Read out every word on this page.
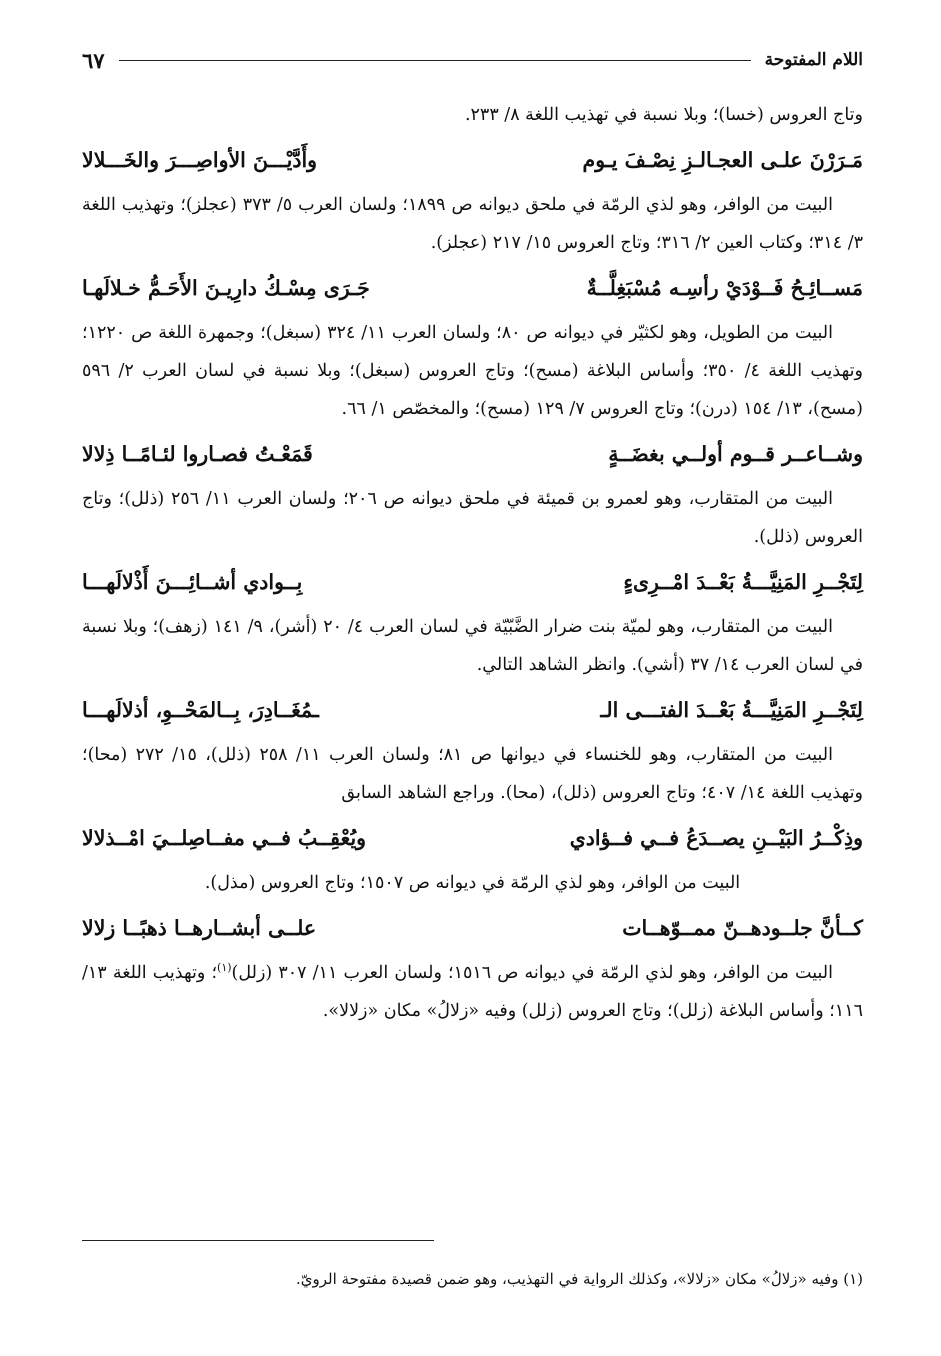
اللام المفتوحة
٦٧

وتاج العروس (خسا)؛ وبلا نسبة في تهذيب اللغة ٨/ ٢٣٣.

مَـرَرْنَ علـى العجـالـزِ نِصْـفَ يـوم
وأَدَّيْـــنَ الأواصِـــرَ والخَـــلالا

البيت من الوافر، وهو لذي الرمّة في ملحق ديوانه ص ١٨٩٩؛ ولسان العرب ٥/ ٣٧٣ (عجلز)؛ وتهذيب اللغة ٣/ ٣١٤؛ وكتاب العين ٢/ ٣١٦؛ وتاج العروس ١٥/ ٢١٧ (عجلز).

مَســائِـحُ فَــوْدَيْ رأسِـه مُسْبَغِلَّــةٌ
جَـرَى مِسْـكُ دارِيـنَ الأَحَـمُّ خـلالَهـا

البيت من الطويل، وهو لكثيّر في ديوانه ص ٨٠؛ ولسان العرب ١١/ ٣٢٤ (سبغل)؛ وجمهرة اللغة ص ١٢٢٠؛ وتهذيب اللغة ٤/ ٣٥٠؛ وأساس البلاغة (مسح)؛ وتاج العروس (سبغل)؛ وبلا نسبة في لسان العرب ٢/ ٥٩٦ (مسح)، ١٣/ ١٥٤ (درن)؛ وتاج العروس ٧/ ١٢٩ (مسح)؛ والمخصّص ١/ ٦٦.

وشــاعــر قــوم أولــي بغضَــةٍ
قَمَعْـتُ فصـاروا لئـامًــا ذِلالا

البيت من المتقارب، وهو لعمرو بن قميئة في ملحق ديوانه ص ٢٠٦؛ ولسان العرب ١١/ ٢٥٦ (ذلل)؛ وتاج العروس (ذلل).

لِتَجْــرِ المَنِيَّـــةُ بَعْــدَ امْــرِىءٍ
بِــوادي أشــائِـــنَ أَذْلالَهـــا

البيت من المتقارب، وهو لميّة بنت ضرار الضَّبّيّة في لسان العرب ٤/ ٢٠ (أشر)، ٩/ ١٤١ (زهف)؛ وبلا نسبة في لسان العرب ١٤/ ٣٧ (أشي). وانظر الشاهد التالي.

لِتَجْــرِ المَنِيَّـــةُ بَعْــدَ الفتـــى الـ
ـمُغَــادِرَ، بِــالمَحْــوِ، أذلالَهـــا

البيت من المتقارب، وهو للخنساء في ديوانها ص ٨١؛ ولسان العرب ١١/ ٢٥٨ (ذلل)، ١٥/ ٢٧٢ (محا)؛ وتهذيب اللغة ١٤/ ٤٠٧؛ وتاج العروس (ذلل)، (محا). وراجع الشاهد السابق

وذِكْــرُ البَيْــنِ يصــدَعُ فــي فــؤادي
ويُعْقِــبُ فــي مفــاصِلــيَ امْــذلالا

البيت من الوافر، وهو لذي الرمّة في ديوانه ص ١٥٠٧؛ وتاج العروس (مذل).

كــأنَّ جلــودهــنّ ممــوّهــات
علــى أبشــارهــا ذهبًــا زلالا

البيت من الوافر، وهو لذي الرمّة في ديوانه ص ١٥١٦؛ ولسان العرب ١١/ ٣٠٧ (زلل)$^{(١)}$؛ وتهذيب اللغة ١٣/ ١١٦؛ وأساس البلاغة (زلل)؛ وتاج العروس (زلل) وفيه «زلالُ» مكان «زلالا».

(١) وفيه «زلالُ» مكان «زلالا»، وكذلك الرواية في التهذيب، وهو ضمن قصيدة مفتوحة الرويّ.
